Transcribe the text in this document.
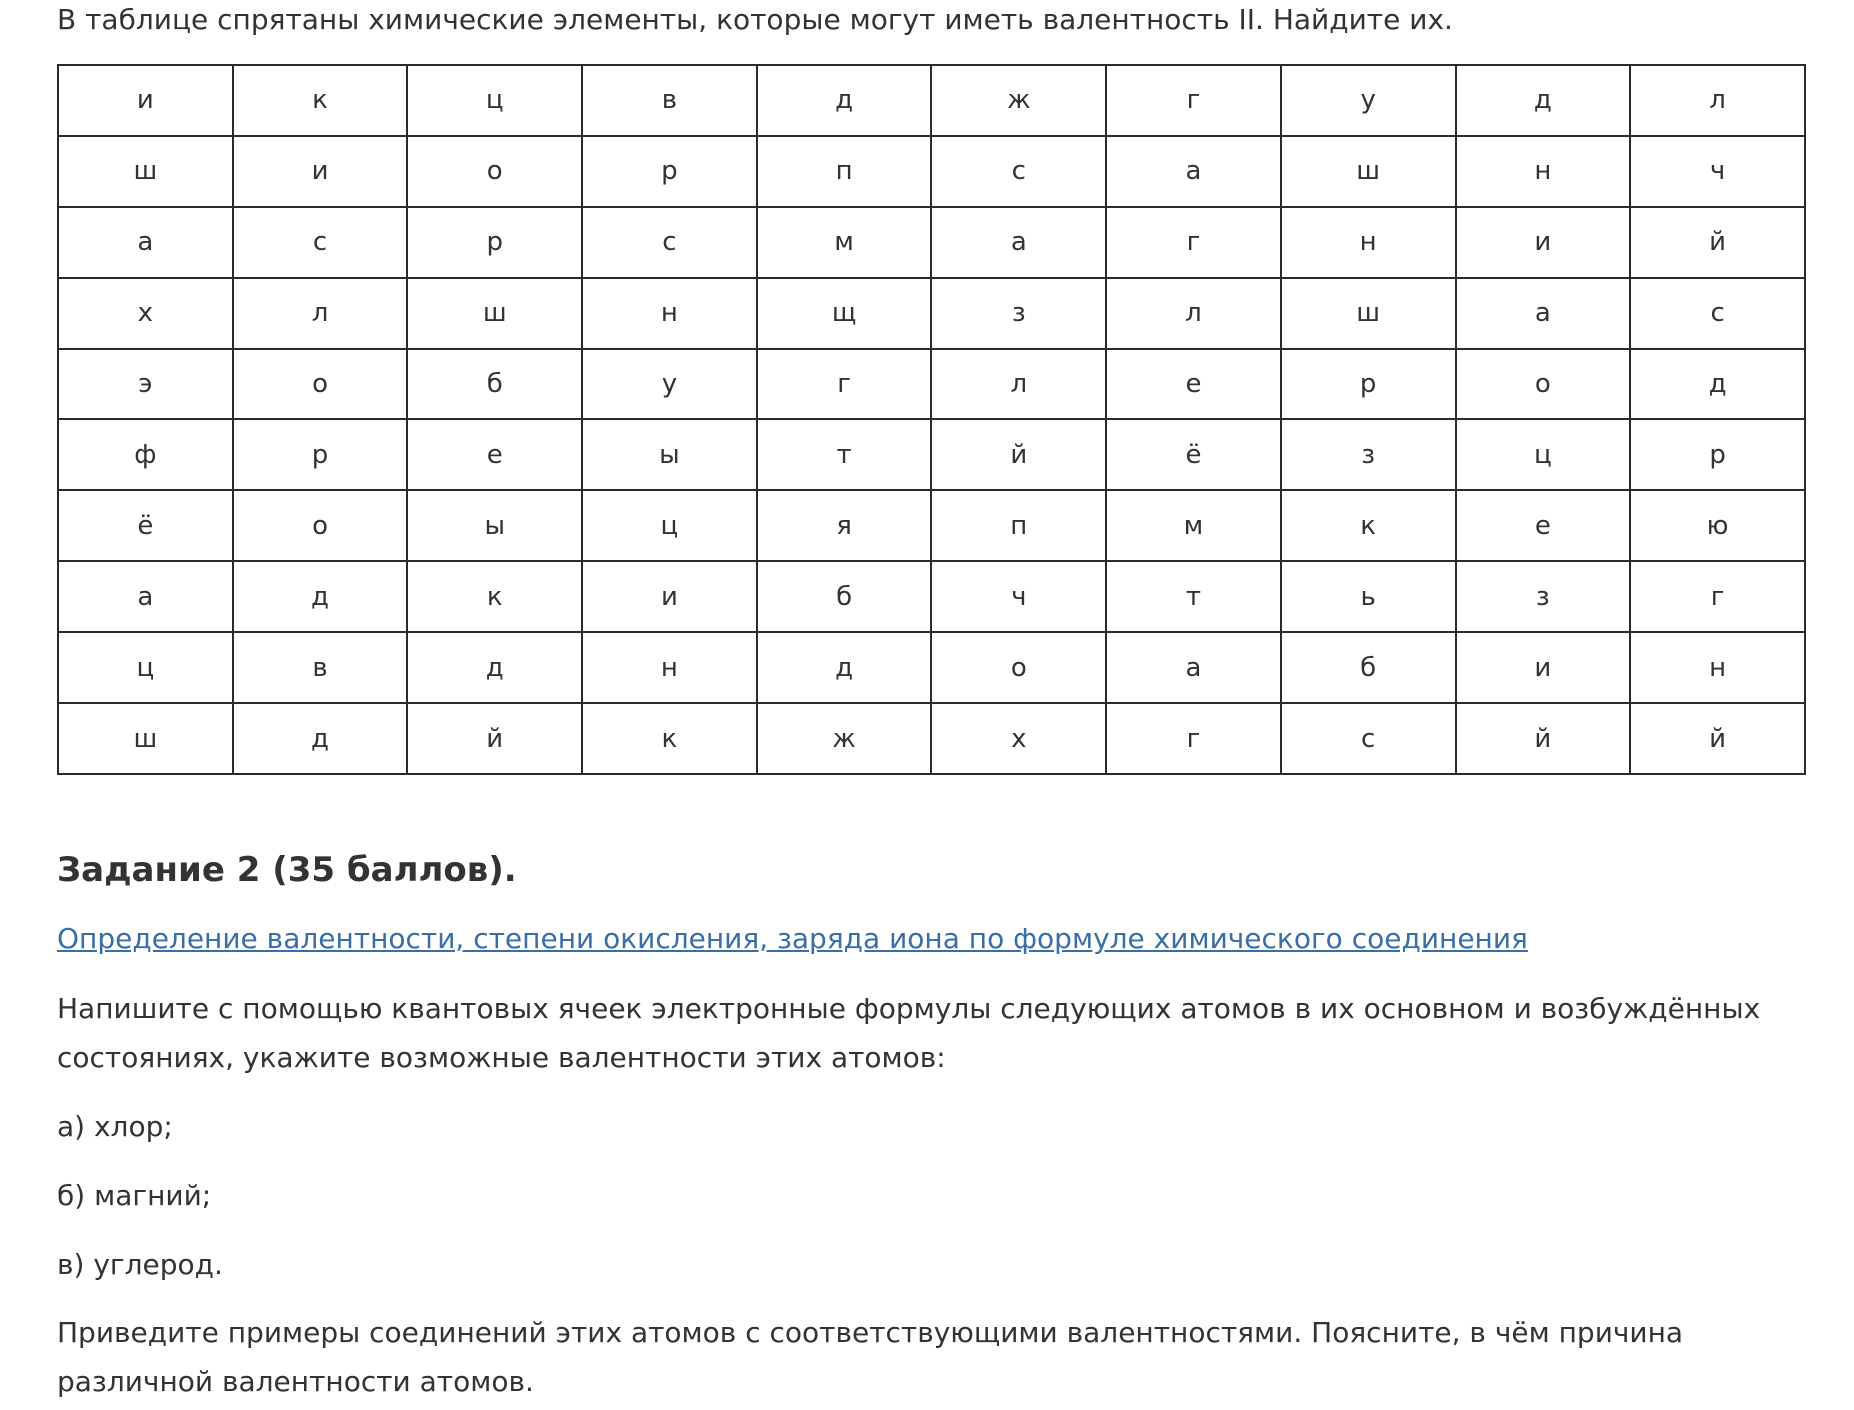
В таблице спрятаны химические элементы, которые могут иметь валентность II. Найдите их.

и	к	ц	в	д	ж	г	у	д	л
ш	и	о	р	п	с	а	ш	н	ч
а	с	р	с	м	а	г	н	и	й
х	л	ш	н	щ	з	л	ш	а	с
э	о	б	у	г	л	е	р	о	д
ф	р	е	ы	т	й	ё	з	ц	р
ё	о	ы	ц	я	п	м	к	е	ю
а	д	к	и	б	ч	т	ь	з	г
ц	в	д	н	д	о	а	б	и	н
ш	д	й	к	ж	х	г	с	й	й
Задание 2 (35 баллов).
Определение валентности, степени окисления, заряда иона по формуле химического соединения

Напишите с помощью квантовых ячеек электронные формулы следующих атомов в их основном и возбуждённых состояниях, укажите возможные валентности этих атомов:

а) хлор;

б) магний;

в) углерод.

Приведите примеры соединений этих атомов с соответствующими валентностями. Поясните, в чём причина различной валентности атомов.
